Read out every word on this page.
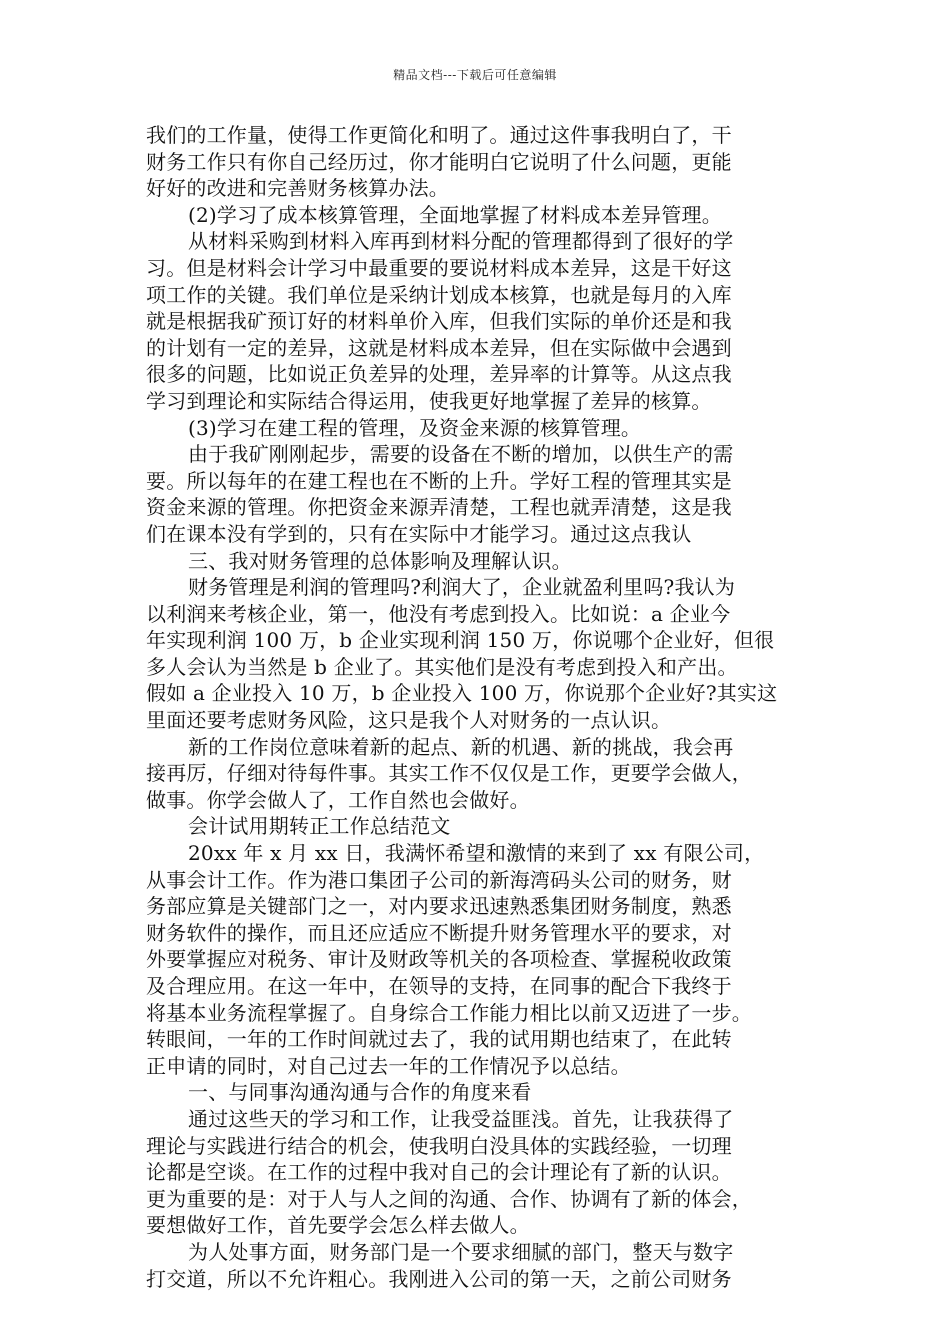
精品文档---下载后可任意编辑
我们的工作量，使得工作更简化和明了。通过这件事我明白了，干
财务工作只有你自己经历过，你才能明白它说明了什么问题，更能
好好的改进和完善财务核算办法。
(2)学习了成本核算管理，全面地掌握了材料成本差异管理。
从材料采购到材料入库再到材料分配的管理都得到了很好的学
习。但是材料会计学习中最重要的要说材料成本差异，这是干好这
项工作的关键。我们单位是采纳计划成本核算，也就是每月的入库
就是根据我矿预订好的材料单价入库，但我们实际的单价还是和我
的计划有一定的差异，这就是材料成本差异，但在实际做中会遇到
很多的问题，比如说正负差异的处理，差异率的计算等。从这点我
学习到理论和实际结合得运用，使我更好地掌握了差异的核算。
(3)学习在建工程的管理，及资金来源的核算管理。
由于我矿刚刚起步，需要的设备在不断的增加，以供生产的需
要。所以每年的在建工程也在不断的上升。学好工程的管理其实是
资金来源的管理。你把资金来源弄清楚，工程也就弄清楚，这是我
们在课本没有学到的，只有在实际中才能学习。通过这点我认
三、我对财务管理的总体影响及理解认识。
财务管理是利润的管理吗?利润大了，企业就盈利里吗?我认为
以利润来考核企业，第一，他没有考虑到投入。比如说：a 企业今
年实现利润 100 万，b 企业实现利润 150 万，你说哪个企业好，但很
多人会认为当然是 b 企业了。其实他们是没有考虑到投入和产出。
假如 a 企业投入 10 万，b 企业投入 100 万，你说那个企业好?其实这
里面还要考虑财务风险，这只是我个人对财务的一点认识。
新的工作岗位意味着新的起点、新的机遇、新的挑战，我会再
接再厉，仔细对待每件事。其实工作不仅仅是工作，更要学会做人，
做事。你学会做人了，工作自然也会做好。
会计试用期转正工作总结范文
20xx 年 x 月 xx 日，我满怀希望和激情的来到了 xx 有限公司，
从事会计工作。作为港口集团子公司的新海湾码头公司的财务，财
务部应算是关键部门之一，对内要求迅速熟悉集团财务制度，熟悉
财务软件的操作，而且还应适应不断提升财务管理水平的要求，对
外要掌握应对税务、审计及财政等机关的各项检查、掌握税收政策
及合理应用。在这一年中，在领导的支持，在同事的配合下我终于
将基本业务流程掌握了。自身综合工作能力相比以前又迈进了一步。
转眼间，一年的工作时间就过去了，我的试用期也结束了，在此转
正申请的同时，对自己过去一年的工作情况予以总结。
一、与同事沟通沟通与合作的角度来看
通过这些天的学习和工作，让我受益匪浅。首先，让我获得了
理论与实践进行结合的机会，使我明白没具体的实践经验，一切理
论都是空谈。在工作的过程中我对自己的会计理论有了新的认识。
更为重要的是：对于人与人之间的沟通、合作、协调有了新的体会，
要想做好工作，首先要学会怎么样去做人。
为人处事方面，财务部门是一个要求细腻的部门，整天与数字
打交道，所以不允许粗心。我刚进入公司的第一天，之前公司财务
